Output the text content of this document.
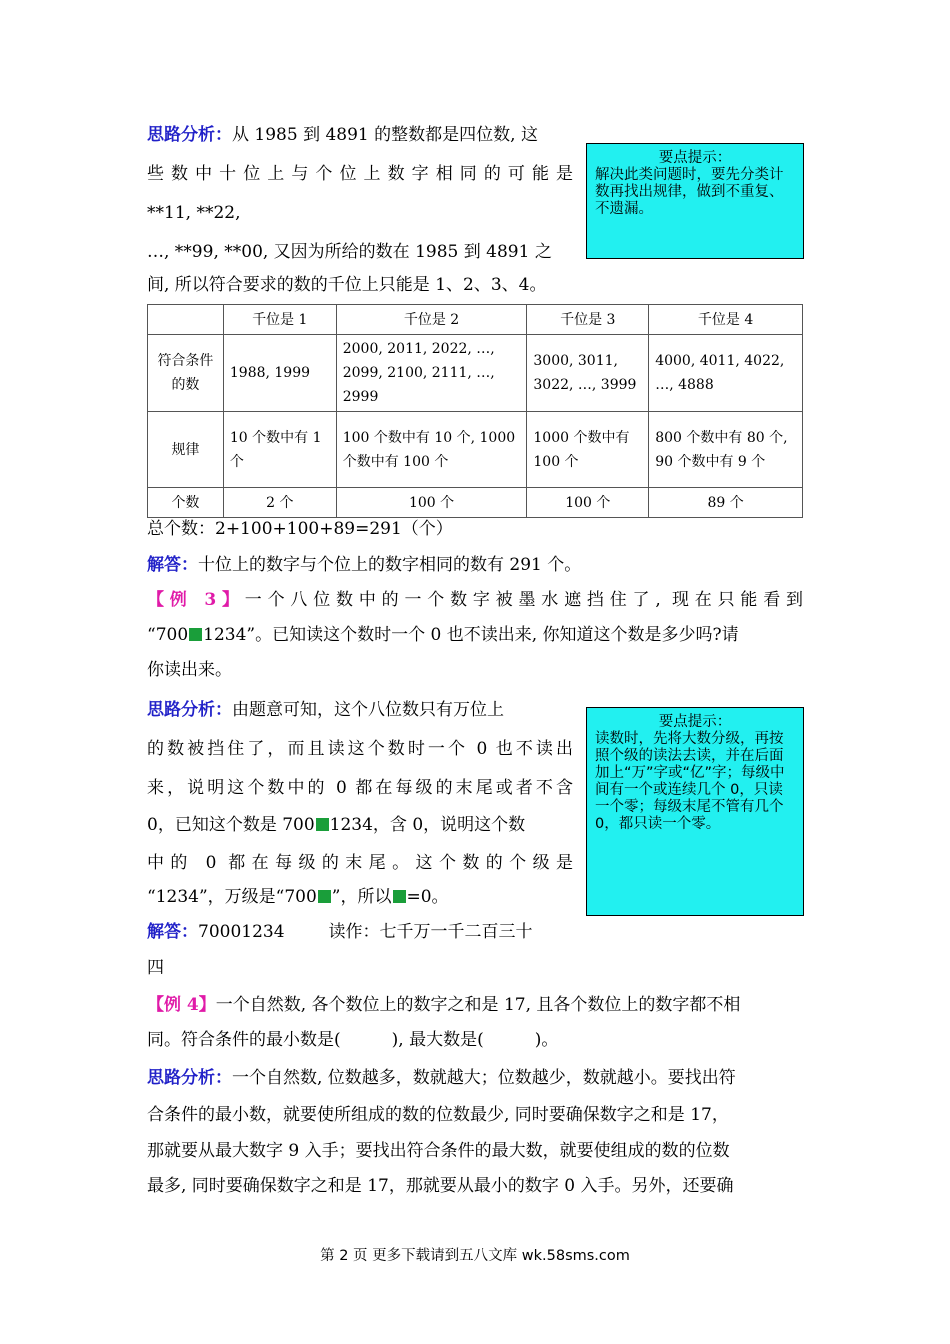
思路分析：从 1985 到 4891 的整数都是四位数, 这
些数中十位上与个位上数字相同的可能是
**11, **22,
…, **99, **00, 又因为所给的数在 1985 到 4891 之
间, 所以符合要求的数的千位上只能是 1、2、3、4。
要点提示：
解决此类问题时，要先分类计数再找出规律，做到不重复、不遗漏。
	千位是 1	千位是 2	千位是 3	千位是 4
符合条件的数	1988, 1999	2000, 2011, 2022, …, 2099, 2100, 2111, …, 2999	3000, 3011, 3022, …, 3999	4000, 4011, 4022, …, 4888
规律	10 个数中有 1 个	100 个数中有 10 个, 1000 个数中有 100 个	1000 个数中有 100 个	800 个数中有 80 个,
90 个数中有 9 个

个数	2 个	100 个	100 个	89 个
总个数：2+100+100+89=291（个）
解答：十位上的数字与个位上的数字相同的数有 291 个。
【例 3】一个八位数中的一个数字被墨水遮挡住了, 现在只能看到
“700 1234”。已知读这个数时一个 0 也不读出来, 你知道这个数是多少吗?请
你读出来。
思路分析：由题意可知，这个八位数只有万位上
的数被挡住了，而且读这个数时一个 0 也不读出
来，说明这个数中的 0 都在每级的末尾或者不含
0，已知这个数是 700 1234，含 0，说明这个数
中的 0 都在每级的末尾。这个数的个级是
“1234”，万级是“700 ”，所以 =0。
要点提示：
读数时，先将大数分级，再按照个级的读法去读，并在后面加上“万”字或“亿”字；每级中间有一个或连续几个 0，只读一个零；每级末尾不管有几个 0，都只读一个零。
解答：70001234	读作：七千万一千二百三十
四
【例 4】一个自然数, 各个数位上的数字之和是 17, 且各个数位上的数字都不相
同。符合条件的最小数是(　　　), 最大数是(　　　)。
思路分析：一个自然数, 位数越多，数就越大；位数越少，数就越小。要找出符
合条件的最小数，就要使所组成的数的位数最少, 同时要确保数字之和是 17，
那就要从最大数字 9 入手；要找出符合条件的最大数，就要使组成的数的位数
最多, 同时要确保数字之和是 17，那就要从最小的数字 0 入手。另外，还要确
第 2 页 更多下载请到五八文库 wk.58sms.com
